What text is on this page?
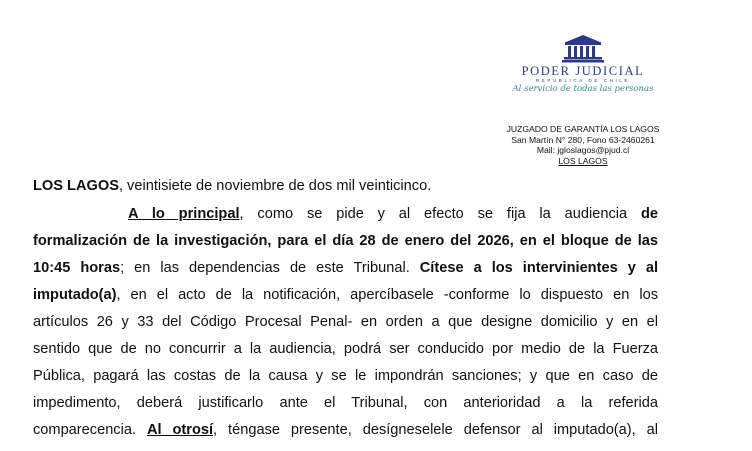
PODER JUDICIAL
REPÚBLICA DE CHILE
Al servicio de todas las personas
JUZGADO DE GARANTÍA LOS LAGOS
San Martín N° 280, Fono 63-2460261
Mail: jgloslagos@pjud.cl
LOS LAGOS
LOS LAGOS, veintisiete de noviembre de dos mil veinticinco.
A lo principal, como se pide y al efecto se fija la audiencia de
formalización de la investigación, para el día 28 de enero del 2026, en el bloque de las
10:45 horas; en las dependencias de este Tribunal. Cítese a los intervinientes y al
imputado(a), en el acto de la notificación, apercíbasele -conforme lo dispuesto en los
artículos 26 y 33 del Código Procesal Penal- en orden a que designe domicilio y en el
sentido que de no concurrir a la audiencia, podrá ser conducido por medio de la Fuerza
Pública, pagará las costas de la causa y se le impondrán sanciones; y que en caso de
impedimento, deberá justificarlo ante el Tribunal, con anterioridad a la referida
comparecencia. Al otrosí, téngase presente, desígneselele defensor al imputado(a), al
